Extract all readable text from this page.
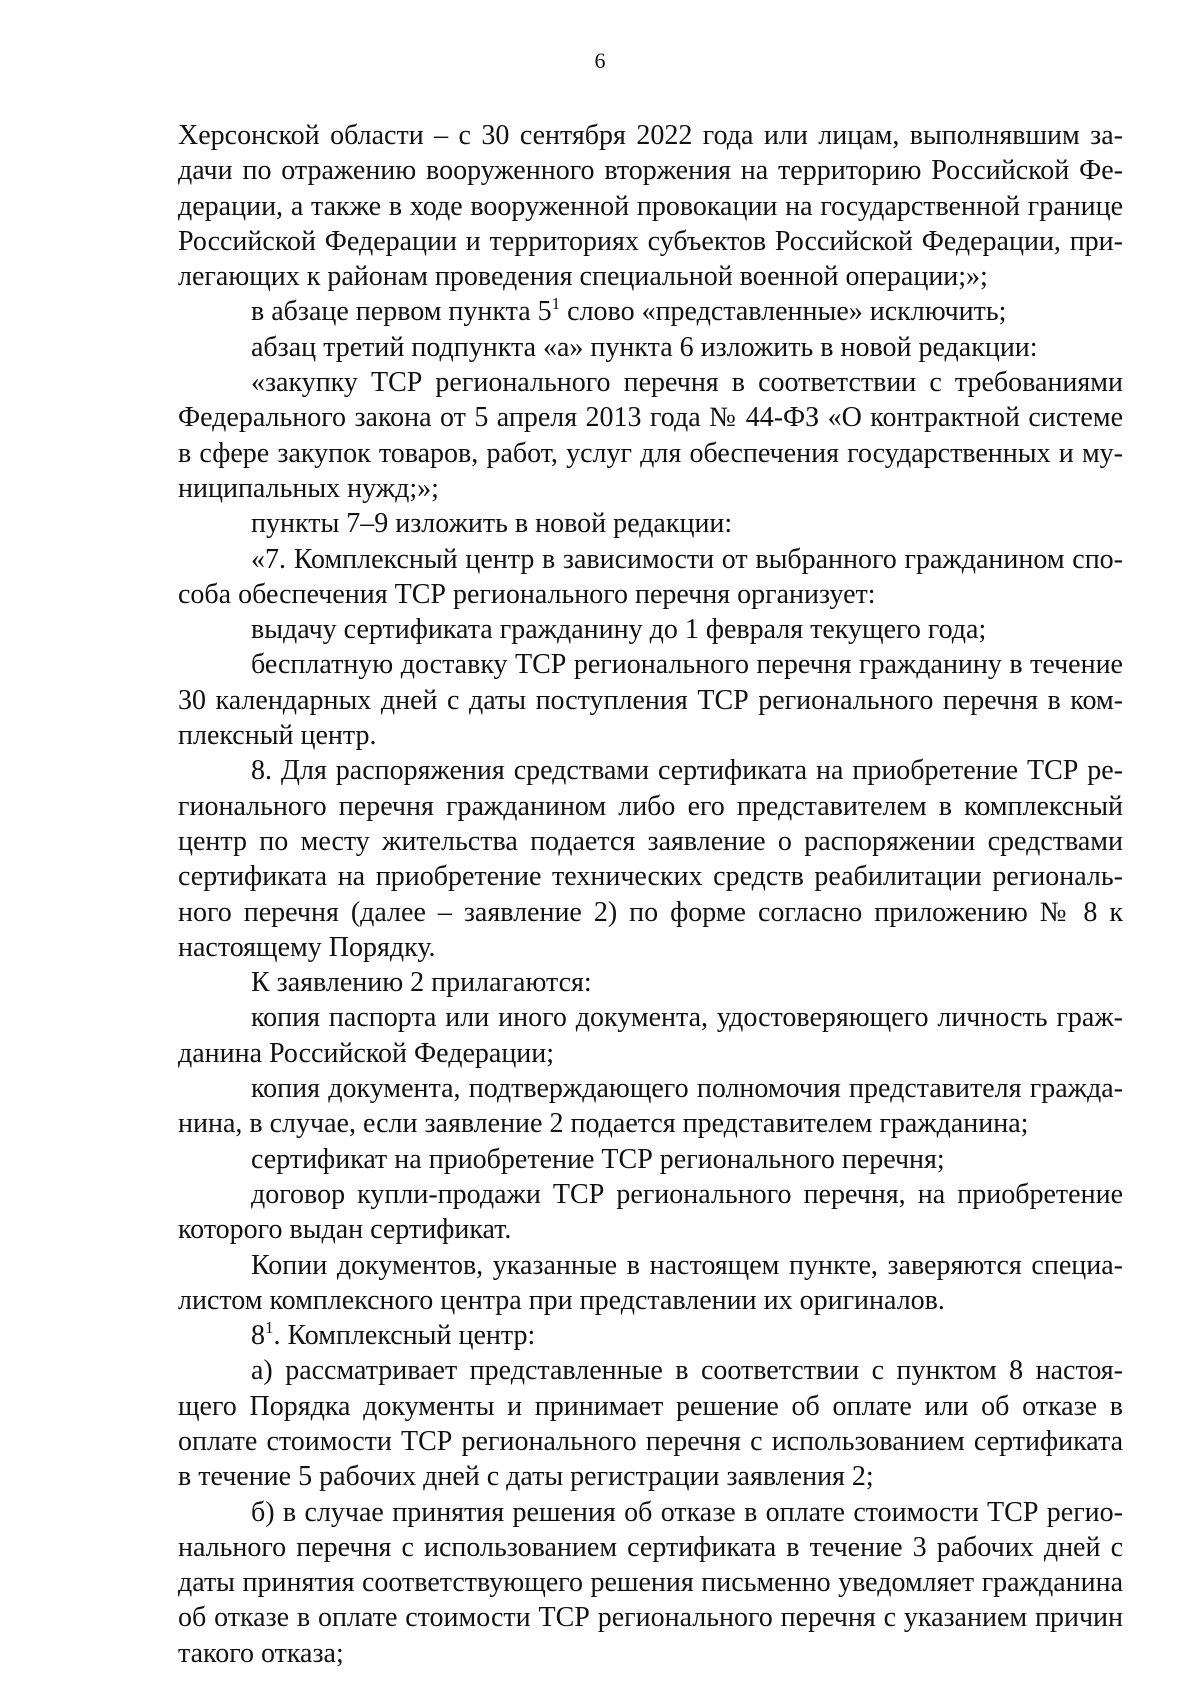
6
Херсонской области – с 30 сентября 2022 года или лицам, выполнявшим за-
дачи по отражению вооруженного вторжения на территорию Российской Фе-
дерации, а также в ходе вооруженной провокации на государственной границе
Российской Федерации и территориях субъектов Российской Федерации, при-
легающих к районам проведения специальной военной операции;»;
в абзаце первом пункта $5^1$ слово «представленные» исключить;
абзац третий подпункта «а» пункта 6 изложить в новой редакции:
«закупку ТСР регионального перечня в соответствии с требованиями
Федерального закона от 5 апреля 2013 года № 44-ФЗ «О контрактной системе
в сфере закупок товаров, работ, услуг для обеспечения государственных и му-
ниципальных нужд;»;
пункты 7–9 изложить в новой редакции:
«7. Комплексный центр в зависимости от выбранного гражданином спо-
соба обеспечения ТСР регионального перечня организует:
выдачу сертификата гражданину до 1 февраля текущего года;
бесплатную доставку ТСР регионального перечня гражданину в течение
30 календарных дней с даты поступления ТСР регионального перечня в ком-
плексный центр.
8. Для распоряжения средствами сертификата на приобретение ТСР ре-
гионального перечня гражданином либо его представителем в комплексный
центр по месту жительства подается заявление о распоряжении средствами
сертификата на приобретение технических средств реабилитации региональ-
ного перечня (далее – заявление 2) по форме согласно приложению № 8 к
настоящему Порядку.
К заявлению 2 прилагаются:
копия паспорта или иного документа, удостоверяющего личность граж-
данина Российской Федерации;
копия документа, подтверждающего полномочия представителя гражда-
нина, в случае, если заявление 2 подается представителем гражданина;
сертификат на приобретение ТСР регионального перечня;
договор купли-продажи ТСР регионального перечня, на приобретение
которого выдан сертификат.
Копии документов, указанные в настоящем пункте, заверяются специа-
листом комплексного центра при представлении их оригиналов.
$8^1$. Комплексный центр:
а) рассматривает представленные в соответствии с пунктом 8 настоя-
щего Порядка документы и принимает решение об оплате или об отказе в
оплате стоимости ТСР регионального перечня с использованием сертификата
в течение 5 рабочих дней с даты регистрации заявления 2;
б) в случае принятия решения об отказе в оплате стоимости ТСР регио-
нального перечня с использованием сертификата в течение 3 рабочих дней с
даты принятия соответствующего решения письменно уведомляет гражданина
об отказе в оплате стоимости ТСР регионального перечня с указанием причин
такого отказа;
